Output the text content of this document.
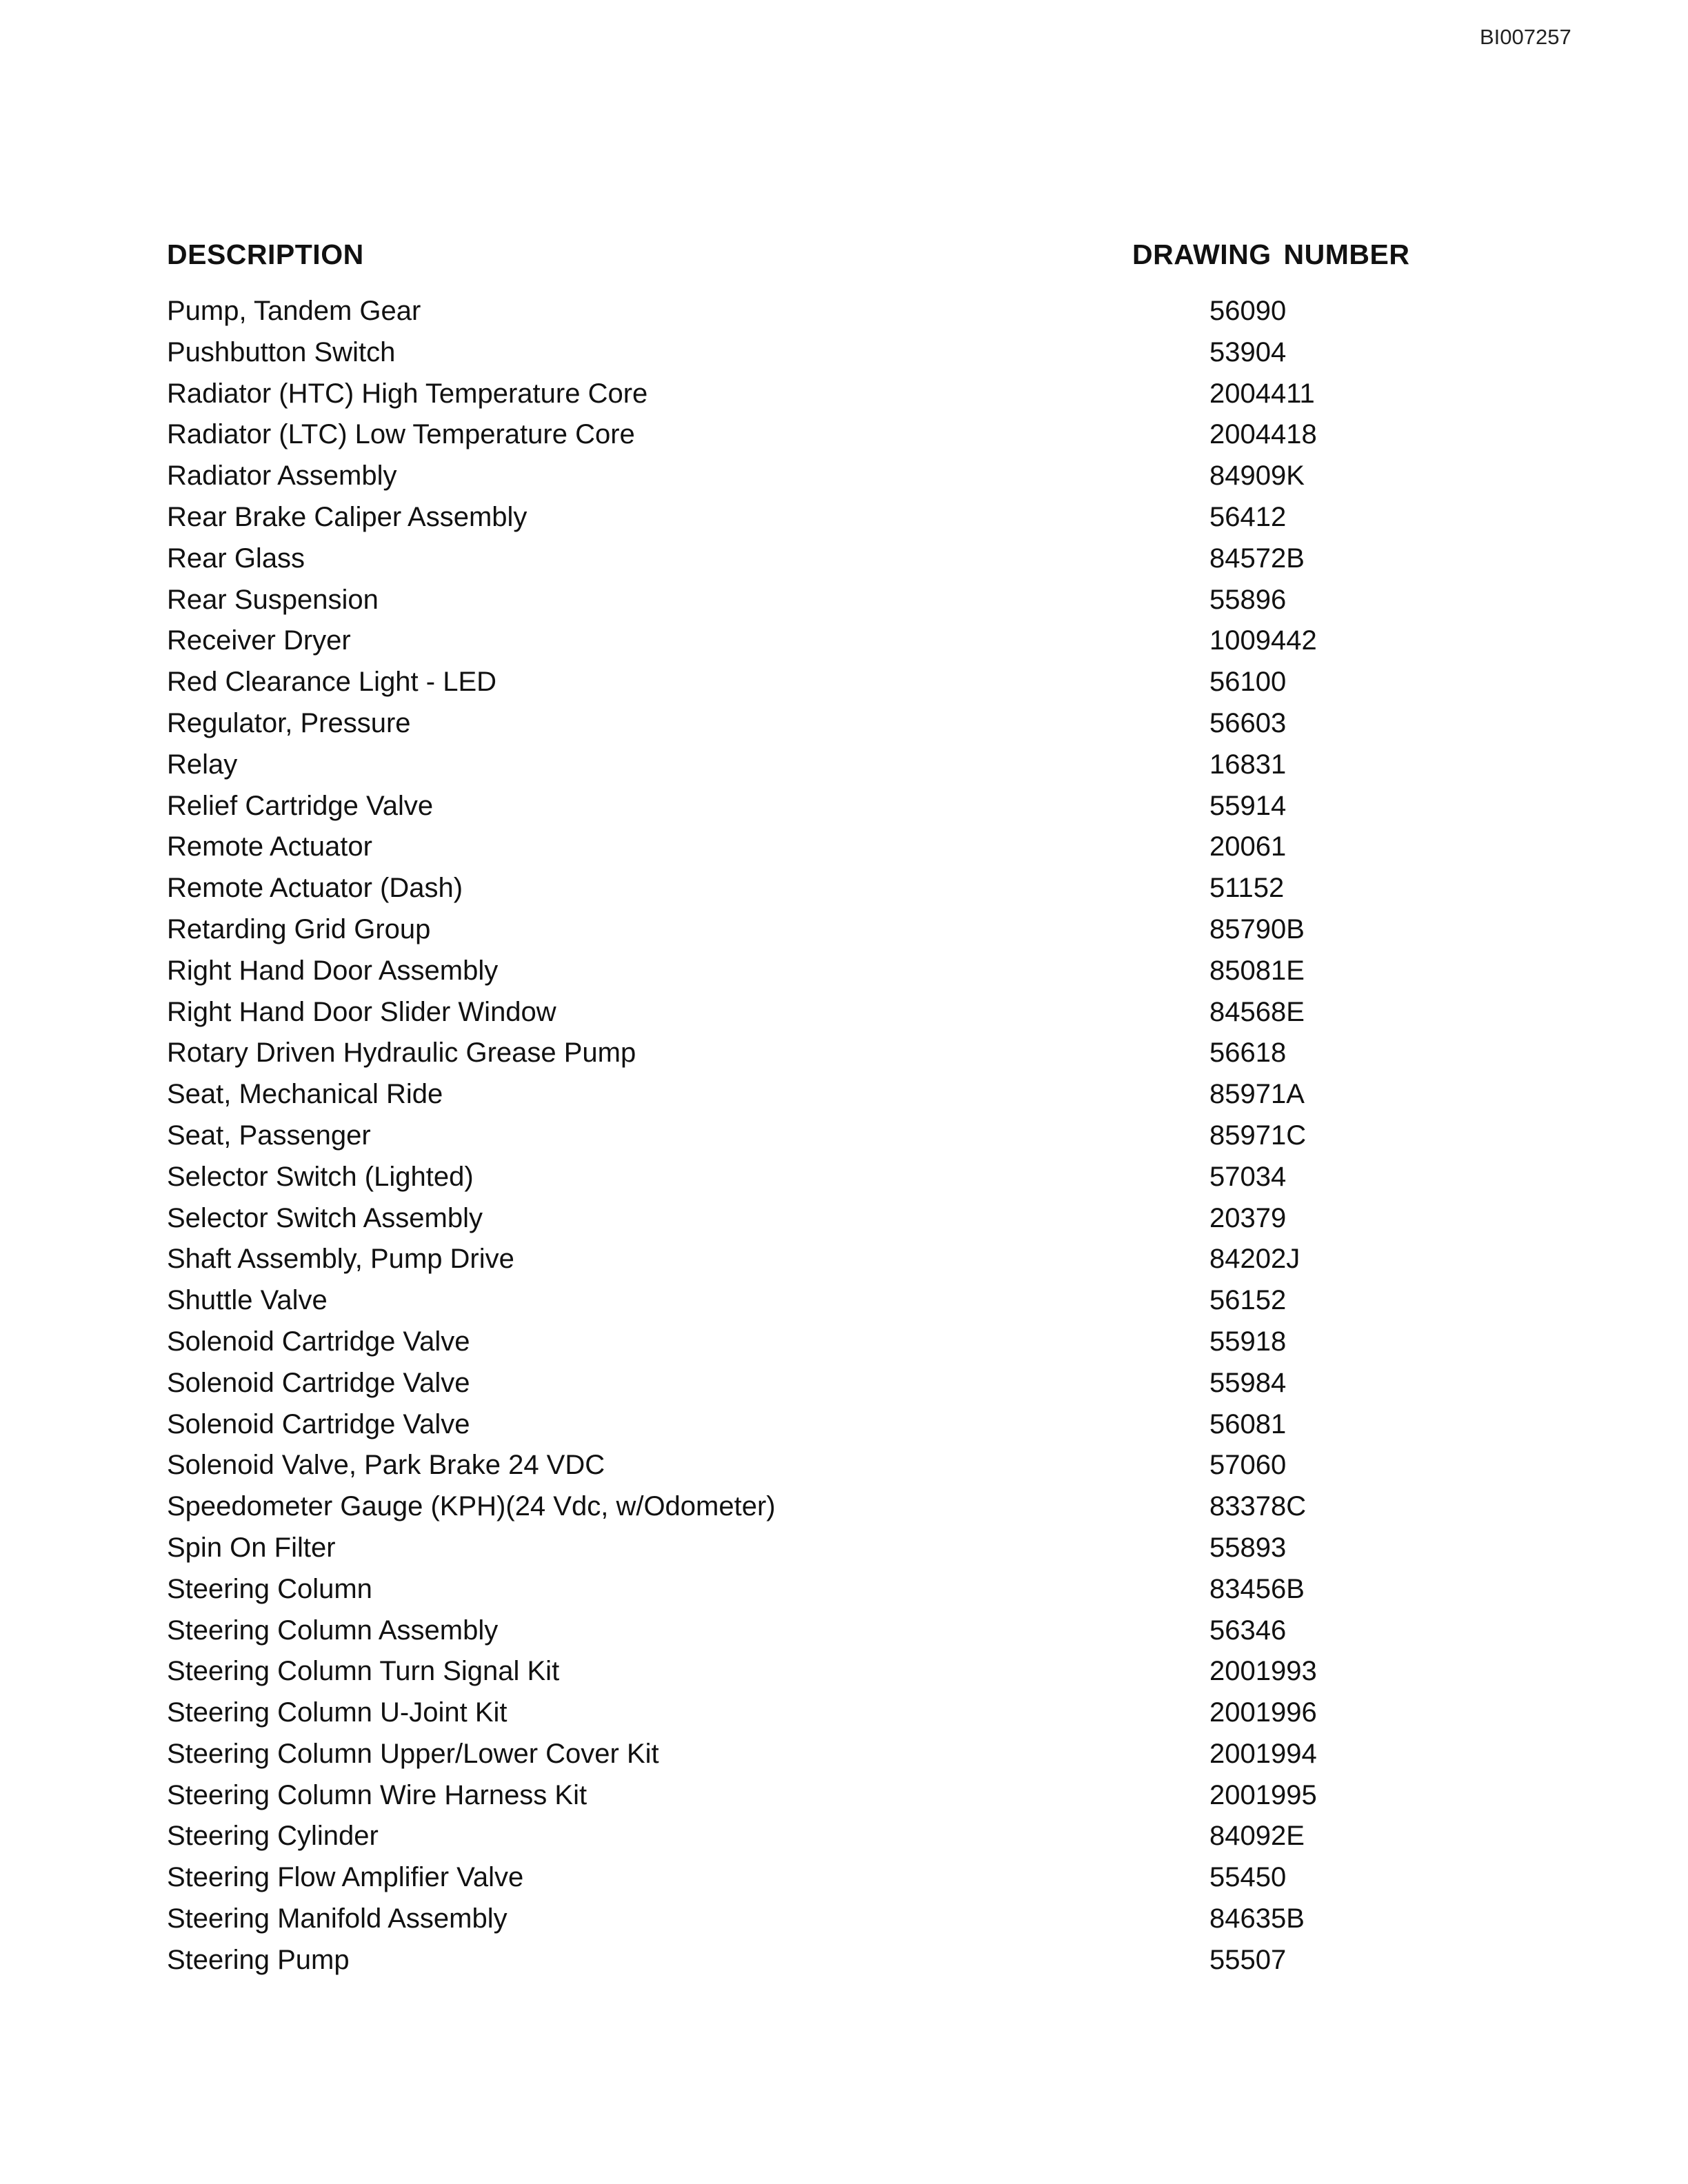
BI007257
DESCRIPTION	DRAWING NUMBER
Pump, Tandem Gear	56090
Pushbutton Switch	53904
Radiator (HTC) High Temperature Core	2004411
Radiator (LTC) Low Temperature Core	2004418
Radiator Assembly	84909K
Rear Brake Caliper Assembly	56412
Rear Glass	84572B
Rear Suspension	55896
Receiver Dryer	1009442
Red Clearance Light - LED	56100
Regulator, Pressure	56603
Relay	16831
Relief Cartridge Valve	55914
Remote Actuator	20061
Remote Actuator (Dash)	51152
Retarding Grid Group	85790B
Right Hand Door Assembly	85081E
Right Hand Door Slider Window	84568E
Rotary Driven Hydraulic Grease Pump	56618
Seat, Mechanical Ride	85971A
Seat, Passenger	85971C
Selector Switch (Lighted)	57034
Selector Switch Assembly	20379
Shaft Assembly, Pump Drive	84202J
Shuttle Valve	56152
Solenoid Cartridge Valve	55918
Solenoid Cartridge Valve	55984
Solenoid Cartridge Valve	56081
Solenoid Valve, Park Brake 24 VDC	57060
Speedometer Gauge (KPH)(24 Vdc, w/Odometer)	83378C
Spin On Filter	55893
Steering Column	83456B
Steering Column Assembly	56346
Steering Column Turn Signal Kit	2001993
Steering Column U-Joint Kit	2001996
Steering Column Upper/Lower Cover Kit	2001994
Steering Column Wire Harness Kit	2001995
Steering Cylinder	84092E
Steering Flow Amplifier Valve	55450
Steering Manifold Assembly	84635B
Steering Pump	55507
